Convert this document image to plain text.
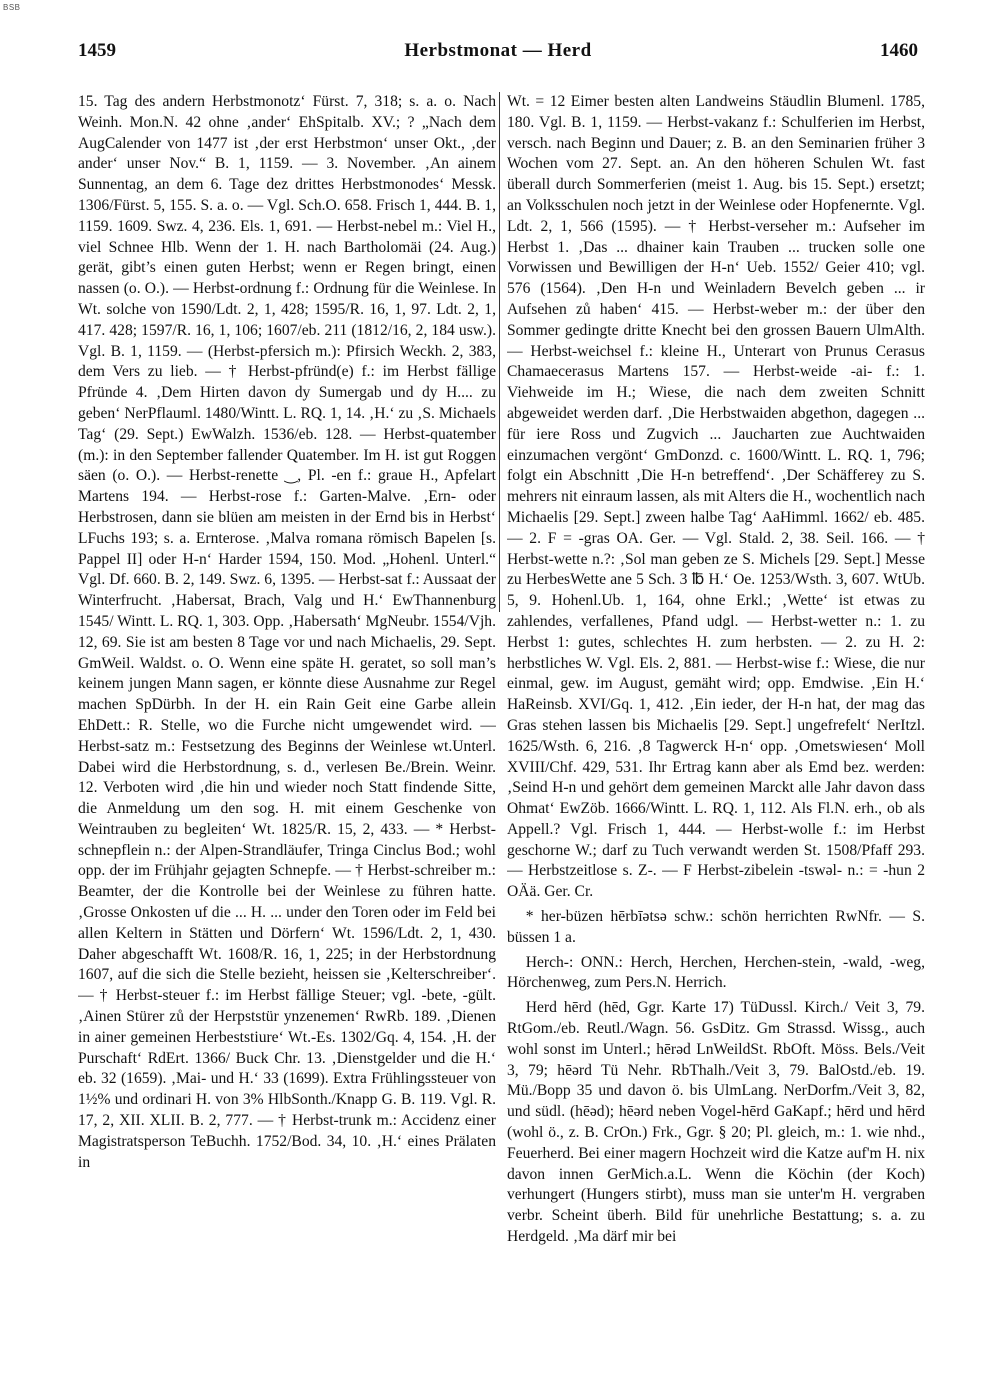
BSB
1459	Herbstmonat — Herd	1460

15. Tag des andern Herbstmonotz‘ Fürst. 7, 318; s. a. o. Nach Weinh. Mon.N. 42 ohne ‚ander‘ EhSpitalb. XV.; ? „Nach dem AugCalender von 1477 ist ‚der erst Herbstmon‘ unser Okt., ‚der ander‘ unser Nov.“ B. 1, 1159. — 3. November. ‚An ainem Sunnentag, an dem 6. Tage dez drittes Herbstmonodes‘ Messk. 1306/Fürst. 5, 155. S. a. o. — Vgl. Sch.O. 658. Frisch 1, 444. B. 1, 1159. 1609. Swz. 4, 236. Els. 1, 691. — Herbst-nebel m.: Viel H., viel Schnee Hlb. Wenn der 1. H. nach Bartholomäi (24. Aug.) gerät, gibt’s einen guten Herbst; wenn er Regen bringt, einen nassen (o. O.). — Herbst-ordnung f.: Ordnung für die Weinlese. In Wt. solche von 1590/Ldt. 2, 1, 428; 1595/R. 16, 1, 97. Ldt. 2, 1, 417. 428; 1597/R. 16, 1, 106; 1607/eb. 211 (1812/16, 2, 184 usw.). Vgl. B. 1, 1159. — (Herbst-pfersich m.): Pfirsich Weckh. 2, 383, dem Vers zu lieb. — † Herbst-pfründ(e) f.: im Herbst fällige Pfründe 4. ‚Dem Hirten davon dy Sumergab und dy H.... zu geben‘ NerPflauml. 1480/Wintt. L. RQ. 1, 14. ‚H.‘ zu ‚S. Michaels Tag‘ (29. Sept.) EwWalzh. 1536/eb. 128. — Herbst-quatember (m.): in den September fallender Quatember. Im H. ist gut Roggen säen (o. O.). — Herbst-renette ‿, Pl. -en f.: graue H., Apfelart Martens 194. — Herbst-rose f.: Garten-Malve. ‚Ern- oder Herbstrosen, dann sie blüen am meisten in der Ernd bis in Herbst‘ LFuchs 193; s. a. Ernterose. ‚Malva romana römisch Bapelen [s. Pappel II] oder H-n‘ Harder 1594, 150. Mod. „Hohenl. Unterl.“ Vgl. Df. 660. B. 2, 149. Swz. 6, 1395. — Herbst-sat f.: Aussaat der Winterfrucht. ‚Habersat, Brach, Valg und H.‘ EwThannenburg 1545/ Wintt. L. RQ. 1, 303. Opp. ‚Habersath‘ MgNeubr. 1554/Vjh. 12, 69. Sie ist am besten 8 Tage vor und nach Michaelis, 29. Sept. GmWeil. Waldst. o. O. Wenn eine späte H. geratet, so soll man’s keinem jungen Mann sagen, er könnte diese Ausnahme zur Regel machen SpDürbh. In der H. ein Rain Geit eine Garbe allein EhDett.: R. Stelle, wo die Furche nicht umgewendet wird. — Herbst-satz m.: Festsetzung des Beginns der Weinlese wt.Unterl. Dabei wird die Herbstordnung, s. d., verlesen Be./Brein. Weinr. 12. Verboten wird ‚die hin und wieder noch Statt findende Sitte, die Anmeldung um den sog. H. mit einem Geschenke von Weintrauben zu begleiten‘ Wt. 1825/R. 15, 2, 433. — * Herbst-schnepflein n.: der Alpen-Strandläufer, Tringa Cinclus Bod.; wohl opp. der im Frühjahr gejagten Schnepfe. — † Herbst-schreiber m.: Beamter, der die Kontrolle bei der Weinlese zu führen hatte. ‚Grosse Onkosten uf die ... H. ... under den Toren oder im Feld bei allen Keltern in Stätten und Dörfern‘ Wt. 1596/Ldt. 2, 1, 430. Daher abgeschafft Wt. 1608/R. 16, 1, 225; in der Herbstordnung 1607, auf die sich die Stelle bezieht, heissen sie ‚Kelterschreiber‘. — † Herbst-steuer f.: im Herbst fällige Steuer; vgl. -bete, -gült. ‚Ainen Stürer zů der Herpststür ynzenemen‘ RwRb. 189. ‚Dienen in ainer gemeinen Herbeststiure‘ Wt.-Es. 1302/Gq. 4, 154. ‚H. der Purschaft‘ RdErt. 1366/ Buck Chr. 13. ‚Dienstgelder und die H.‘ eb. 32 (1659). ‚Mai- und H.‘ 33 (1699). Extra Frühlingssteuer von 1½% und ordinari H. von 3% HlbSonth./Knapp G. B. 119. Vgl. R. 17, 2, XII. XLII. B. 2, 777. — † Herbst-trunk m.: Accidenz einer Magistratsperson TeBuchh. 1752/Bod. 34, 10. ‚H.‘ eines Prälaten in

Wt. = 12 Eimer besten alten Landweins Stäudlin Blumenl. 1785, 180. Vgl. B. 1, 1159. — Herbst-vakanz f.: Schulferien im Herbst, versch. nach Beginn und Dauer; z. B. an den Seminarien früher 3 Wochen vom 27. Sept. an. An den höheren Schulen Wt. fast überall durch Sommerferien (meist 1. Aug. bis 15. Sept.) ersetzt; an Volksschulen noch jetzt in der Weinlese oder Hopfenernte. Vgl. Ldt. 2, 1, 566 (1595). — † Herbst-verseher m.: Aufseher im Herbst 1. ‚Das ... dhainer kain Trauben ... trucken solle one Vorwissen und Bewilligen der H-n‘ Ueb. 1552/ Geier 410; vgl. 576 (1564). ‚Den H-n und Weinladern Bevelch geben ... ir Aufsehen zů haben‘ 415. — Herbst-weber m.: der über den Sommer gedingte dritte Knecht bei den grossen Bauern UlmAlth. — Herbst-weichsel f.: kleine H., Unterart von Prunus Cerasus Chamaecerasus Martens 157. — Herbst-weide -ai- f.: 1. Viehweide im H.; Wiese, die nach dem zweiten Schnitt abgeweidet werden darf. ‚Die Herbstwaiden abgethon, dagegen ... für iere Ross und Zugvich ... Jaucharten zue Auchtwaiden einzumachen vergönt‘ GmDonzd. c. 1600/Wintt. L. RQ. 1, 796; folgt ein Abschnitt ‚Die H-n betreffend‘. ‚Der Schäfferey zu S. mehrers nit einraum lassen, als mit Alters die H., wochentlich nach Michaelis [29. Sept.] zween halbe Tag‘ AaHimml. 1662/ eb. 485. — 2. F = -gras OA. Ger. — Vgl. Stald. 2, 38. Seil. 166. — † Herbst-wette n.?: ‚Sol man geben ze S. Michels [29. Sept.] Messe zu HerbesWette ane 5 Sch. 3 ℔ H.‘ Oe. 1253/Wsth. 3, 607. WtUb. 5, 9. Hohenl.Ub. 1, 164, ohne Erkl.; ‚Wette‘ ist etwas zu zahlendes, verfallenes, Pfand udgl. — Herbst-wetter n.: 1. zu Herbst 1: gutes, schlechtes H. zum herbsten. — 2. zu H. 2: herbstliches W. Vgl. Els. 2, 881. — Herbst-wise f.: Wiese, die nur einmal, gew. im August, gemäht wird; opp. Emdwise. ‚Ein H.‘ HaReinsb. XVI/Gq. 1, 412. ‚Ein ieder, der H-n hat, der mag das Gras stehen lassen bis Michaelis [29. Sept.] ungefrefelt‘ NerItzl. 1625/Wsth. 6, 216. ‚8 Tagwerck H-n‘ opp. ‚Ometswiesen‘ Moll XVIII/Chf. 429, 531. Ihr Ertrag kann aber als Emd bez. werden: ‚Seind H-n und gehört dem gemeinen Marckt alle Jahr davon dass Ohmat‘ EwZöb. 1666/Wintt. L. RQ. 1, 112. Als Fl.N. erh., ob als Appell.? Vgl. Frisch 1, 444. — Herbst-wolle f.: im Herbst geschorne W.; darf zu Tuch verwandt werden St. 1508/Pfaff 293. — Herbstzeitlose s. Z-. — F Herbst-zibelein -tswəl- n.: = -hun 2 OÄä. Ger. Cr.

* her-büzen hērbīətsə schw.: schön herrichten RwNfr. — S. büssen 1 a.

Herch-: ONN.: Herch, Herchen, Herchen-stein, -wald, -weg, Hörchenweg, zum Pers.N. Herrich.

Herd hērd (hēd, Ggr. Karte 17) TüDussl. Kirch./ Veit 3, 79. RtGom./eb. Reutl./Wagn. 56. GsDitz. Gm Strassd. Wissg., auch wohl sonst im Unterl.; hērəd LnWeildSt. RbOft. Möss. Bels./Veit 3, 79; hēərd Tü Nehr. RbThalh./Veit 3, 79. BalOstd./eb. 19. Mü./Bopp 35 und davon ö. bis UlmLang. NerDorfm./Veit 3, 82, und südl. (hēəd); hēərd neben Vogel-hērd GaKapf.; hērd und hērd (wohl ö., z. B. CrOn.) Frk., Ggr. § 20; Pl. gleich, m.: 1. wie nhd., Feuerherd. Bei einer magern Hochzeit wird die Katze auf'm H. nix davon innen GerMich.a.L. Wenn die Köchin (der Koch) verhungert (Hungers stirbt), muss man sie unter'm H. vergraben verbr. Scheint überh. Bild für unehrliche Bestattung; s. a. zu Herdgeld. ‚Ma därf mir bei
